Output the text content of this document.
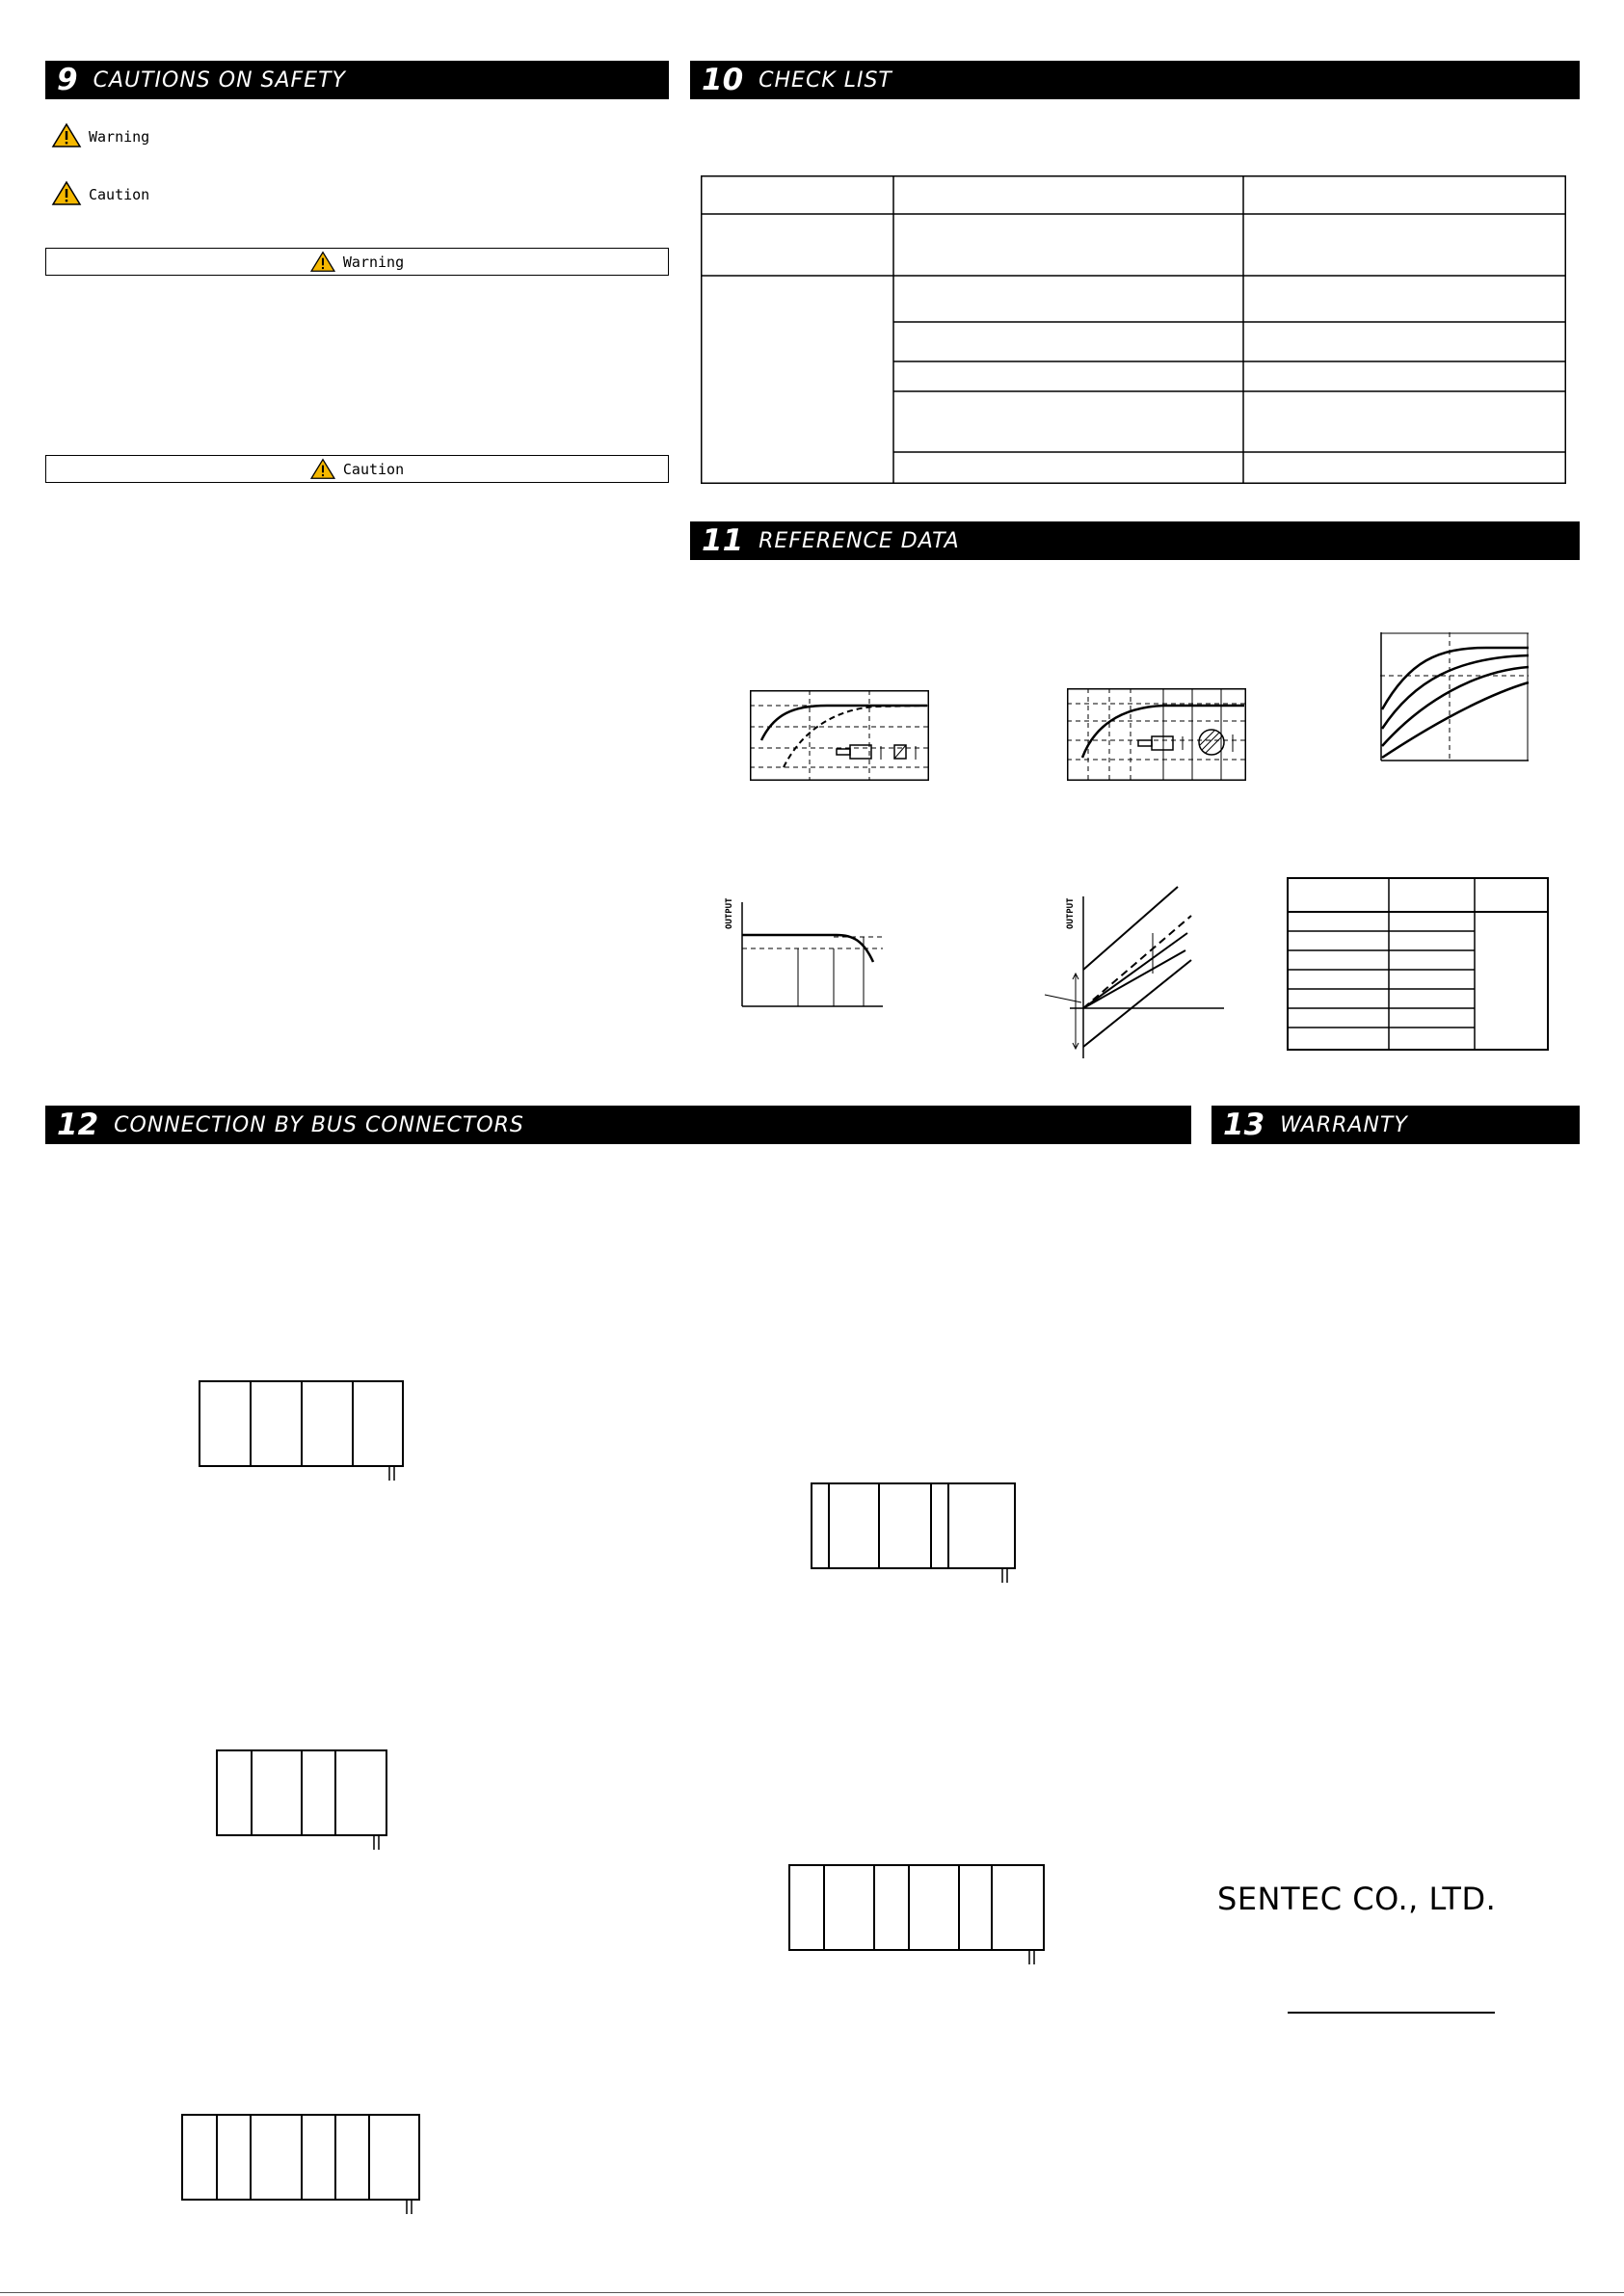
9 CAUTIONS ON SAFETY	10 CHECK LIST
11 REFERENCE DATA
12 CONNECTION BY BUS CONNECTORS	13 WARRANTY
Warning
Caution
Warning
Caution
OUTPUT	OUTPUT
SENTEC CO., LTD.
